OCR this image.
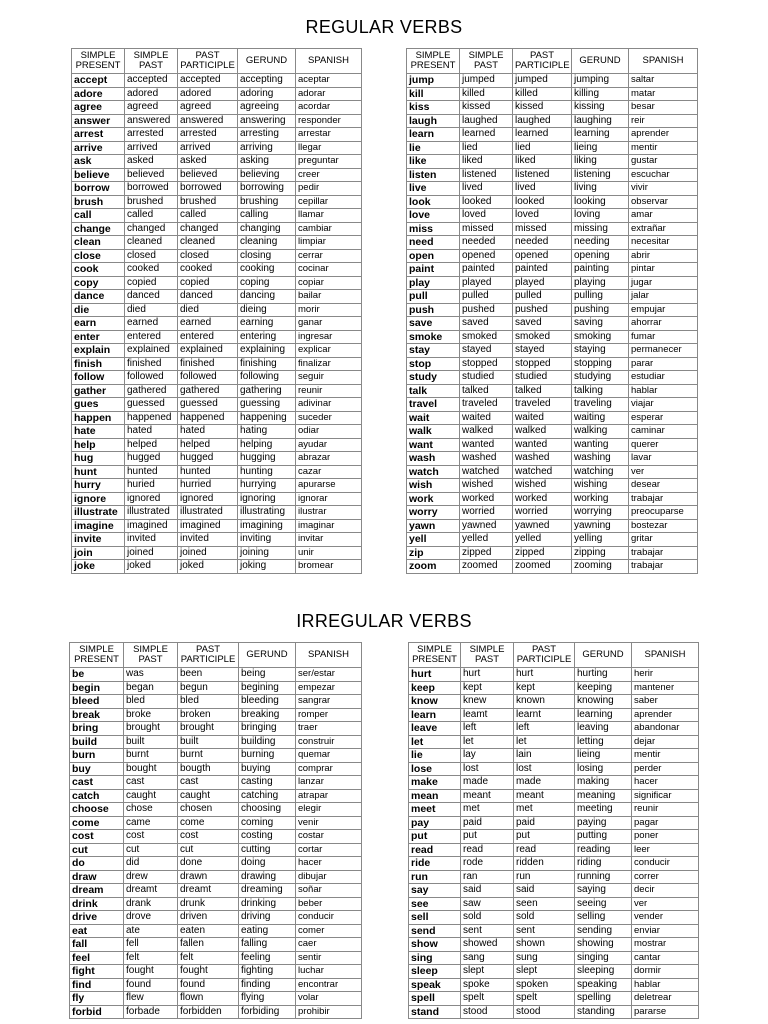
REGULAR VERBS
IRREGULAR VERBS
SIMPLE PRESENT	SIMPLE PAST	PAST PARTICIPLE	GERUND	SPANISH
accept	accepted	accepted	accepting	aceptar
adore	adored	adored	adoring	adorar
agree	agreed	agreed	agreeing	acordar
answer	answered	answered	answering	responder
arrest	arrested	arrested	arresting	arrestar
arrive	arrived	arrived	arriving	llegar
ask	asked	asked	asking	preguntar
believe	believed	believed	believing	creer
borrow	borrowed	borrowed	borrowing	pedir
brush	brushed	brushed	brushing	cepillar
call	called	called	calling	llamar
change	changed	changed	changing	cambiar
clean	cleaned	cleaned	cleaning	limpiar
close	closed	closed	closing	cerrar
cook	cooked	cooked	cooking	cocinar
copy	copied	copied	coping	copiar
dance	danced	danced	dancing	bailar
die	died	died	dieing	morir
earn	earned	earned	earning	ganar
enter	entered	entered	entering	ingresar
explain	explained	explained	explaining	explicar
finish	finished	finished	finishing	finalizar
follow	followed	followed	following	seguir
gather	gathered	gathered	gathering	reunir
gues	guessed	guessed	guessing	adivinar
happen	happened	happened	happening	suceder
hate	hated	hated	hating	odiar
help	helped	helped	helping	ayudar
hug	hugged	hugged	hugging	abrazar
hunt	hunted	hunted	hunting	cazar
hurry	huried	hurried	hurrying	apurarse
ignore	ignored	ignored	ignoring	ignorar
illustrate	illustrated	illustrated	illustrating	ilustrar
imagine	imagined	imagined	imagining	imaginar
invite	invited	invited	inviting	invitar
join	joined	joined	joining	unir
joke	joked	joked	joking	bromear
SIMPLE PRESENT	SIMPLE PAST	PAST PARTICIPLE	GERUND	SPANISH
jump	jumped	jumped	jumping	saltar
kill	killed	killed	killing	matar
kiss	kissed	kissed	kissing	besar
laugh	laughed	laughed	laughing	reir
learn	learned	learned	learning	aprender
lie	lied	lied	lieing	mentir
like	liked	liked	liking	gustar
listen	listened	listened	listening	escuchar
live	lived	lived	living	vivir
look	looked	looked	looking	observar
love	loved	loved	loving	amar
miss	missed	missed	missing	extrañar
need	needed	needed	needing	necesitar
open	opened	opened	opening	abrir
paint	painted	painted	painting	pintar
play	played	played	playing	jugar
pull	pulled	pulled	pulling	jalar
push	pushed	pushed	pushing	empujar
save	saved	saved	saving	ahorrar
smoke	smoked	smoked	smoking	fumar
stay	stayed	stayed	staying	permanecer
stop	stopped	stopped	stopping	parar
study	studied	studied	studying	estudiar
talk	talked	talked	talking	hablar
travel	traveled	traveled	traveling	viajar
wait	waited	waited	waiting	esperar
walk	walked	walked	walking	caminar
want	wanted	wanted	wanting	querer
wash	washed	washed	washing	lavar
watch	watched	watched	watching	ver
wish	wished	wished	wishing	desear
work	worked	worked	working	trabajar
worry	worried	worried	worrying	preocuparse
yawn	yawned	yawned	yawning	bostezar
yell	yelled	yelled	yelling	gritar
zip	zipped	zipped	zipping	trabajar
zoom	zoomed	zoomed	zooming	trabajar
SIMPLE PRESENT	SIMPLE PAST	PAST PARTICIPLE	GERUND	SPANISH
be	was	been	being	ser/estar
begin	began	begun	begining	empezar
bleed	bled	bled	bleeding	sangrar
break	broke	broken	breaking	romper
bring	brought	brought	bringing	traer
build	built	built	building	construir
burn	burnt	burnt	burning	quemar
buy	bought	bougth	buying	comprar
cast	cast	cast	casting	lanzar
catch	caught	caught	catching	atrapar
choose	chose	chosen	choosing	elegir
come	came	come	coming	venir
cost	cost	cost	costing	costar
cut	cut	cut	cutting	cortar
do	did	done	doing	hacer
draw	drew	drawn	drawing	dibujar
dream	dreamt	dreamt	dreaming	soñar
drink	drank	drunk	drinking	beber
drive	drove	driven	driving	conducir
eat	ate	eaten	eating	comer
fall	fell	fallen	falling	caer
feel	felt	felt	feeling	sentir
fight	fought	fought	fighting	luchar
find	found	found	finding	encontrar
fly	flew	flown	flying	volar
forbid	forbade	forbidden	forbiding	prohibir
SIMPLE PRESENT	SIMPLE PAST	PAST PARTICIPLE	GERUND	SPANISH
hurt	hurt	hurt	hurting	herir
keep	kept	kept	keeping	mantener
know	knew	known	knowing	saber
learn	leamt	learnt	learning	aprender
leave	left	left	leaving	abandonar
let	let	let	letting	dejar
lie	lay	lain	lieing	mentir
lose	lost	lost	losing	perder
make	made	made	making	hacer
mean	meant	meant	meaning	significar
meet	met	met	meeting	reunir
pay	paid	paid	paying	pagar
put	put	put	putting	poner
read	read	read	reading	leer
ride	rode	ridden	riding	conducir
run	ran	run	running	correr
say	said	said	saying	decir
see	saw	seen	seeing	ver
sell	sold	sold	selling	vender
send	sent	sent	sending	enviar
show	showed	shown	showing	mostrar
sing	sang	sung	singing	cantar
sleep	slept	slept	sleeping	dormir
speak	spoke	spoken	speaking	hablar
spell	spelt	spelt	spelling	deletrear
stand	stood	stood	standing	pararse
